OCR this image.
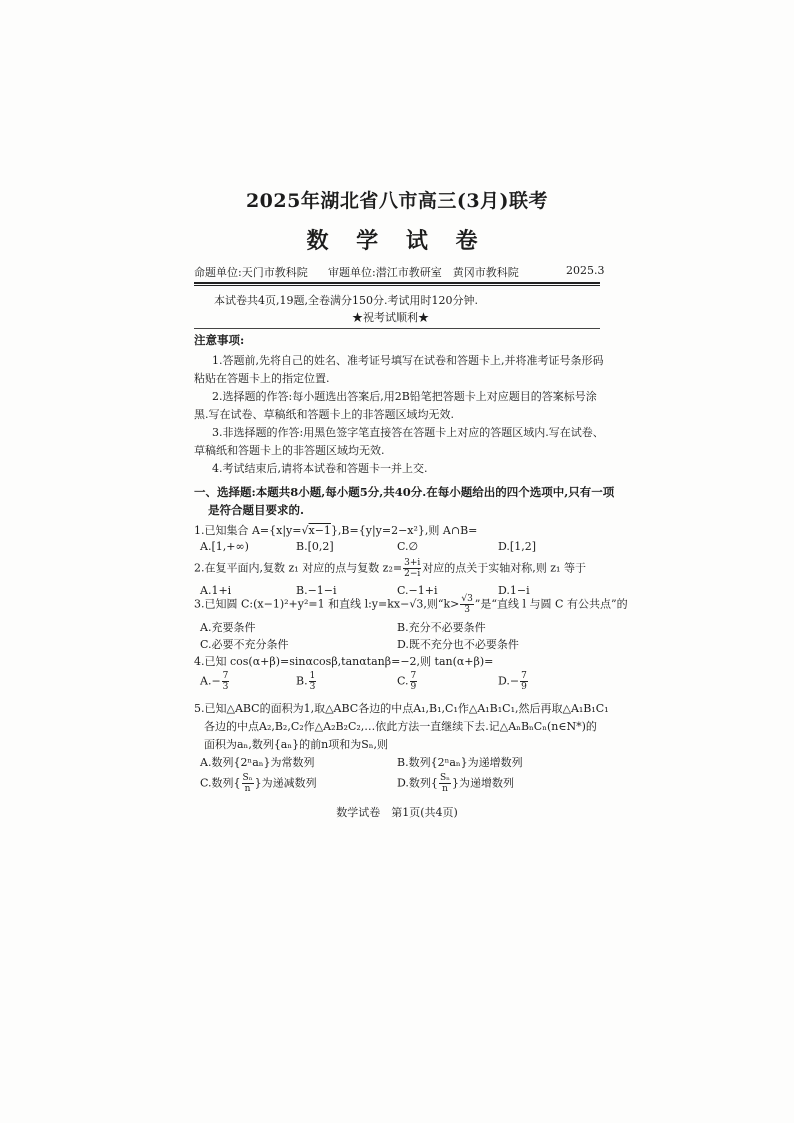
2025年湖北省八市高三(3月)联考
数 学 试 卷
命题单位:天门市教科院 审题单位:潜江市教研室　黄冈市教科院	2025.3
本试卷共4页,19题,全卷满分150分.考试用时120分钟.
★祝考试顺利★
注意事项:
1.答题前,先将自己的姓名、准考证号填写在试卷和答题卡上,并将准考证号条形码
粘贴在答题卡上的指定位置.
2.选择题的作答:每小题选出答案后,用2B铅笔把答题卡上对应题目的答案标号涂
黑.写在试卷、草稿纸和答题卡上的非答题区域均无效.
3.非选择题的作答:用黑色签字笔直接答在答题卡上对应的答题区域内.写在试卷、
草稿纸和答题卡上的非答题区域均无效.
4.考试结束后,请将本试卷和答题卡一并上交.
一、选择题:本题共8小题,每小题5分,共40分.在每小题给出的四个选项中,只有一项
是符合题目要求的.
1.已知集合 A={x|y=√x−1},B={y|y=2−x²},则 A∩B=
A.[1,+∞)	B.[0,2]	C.∅	D.[1,2]
2.在复平面内,复数 z₁ 对应的点与复数 $z_2= \frac{3+i}{2-i}$ 对应的点关于实轴对称,则 z₁ 等于
A.1+i	B.−1−i	C.−1+i	D.1−i
3.已知圆 C:(x−1)²+y²=1 和直线 l:y=kx−√3,则“$k> \frac{√3}{3}$ ”是“直线 l 与圆 C 有公共点”的
A.充要条件	B.充分不必要条件
C.必要不充分条件	D.既不充分也不必要条件
4.已知 cos(α+β)=sinαcosβ,tanαtanβ=−2,则 tan(α+β)=
$A.- \frac{7}{3}$	B. $\frac{1}{3}$	C. $\frac{7}{9}$	$D.- \frac{7}{9}$
5.已知△ABC的面积为1,取△ABC各边的中点A₁,B₁,C₁作△A₁B₁C₁,然后再取△A₁B₁C₁
各边的中点A₂,B₂,C₂作△A₂B₂C₂,…依此方法一直继续下去.记△AₙBₙCₙ(n∈N*)的
面积为aₙ,数列{aₙ}的前n项和为Sₙ,则
A.数列{2ⁿaₙ}为常数列	B.数列{2ⁿaₙ}为递增数列
C.数列{ $\frac{\text{Sₙ}}{n}$ }为递减数列	D.数列{ $\frac{\text{Sₙ}}{n}$ }为递增数列
数学试卷　第1页(共4页)
